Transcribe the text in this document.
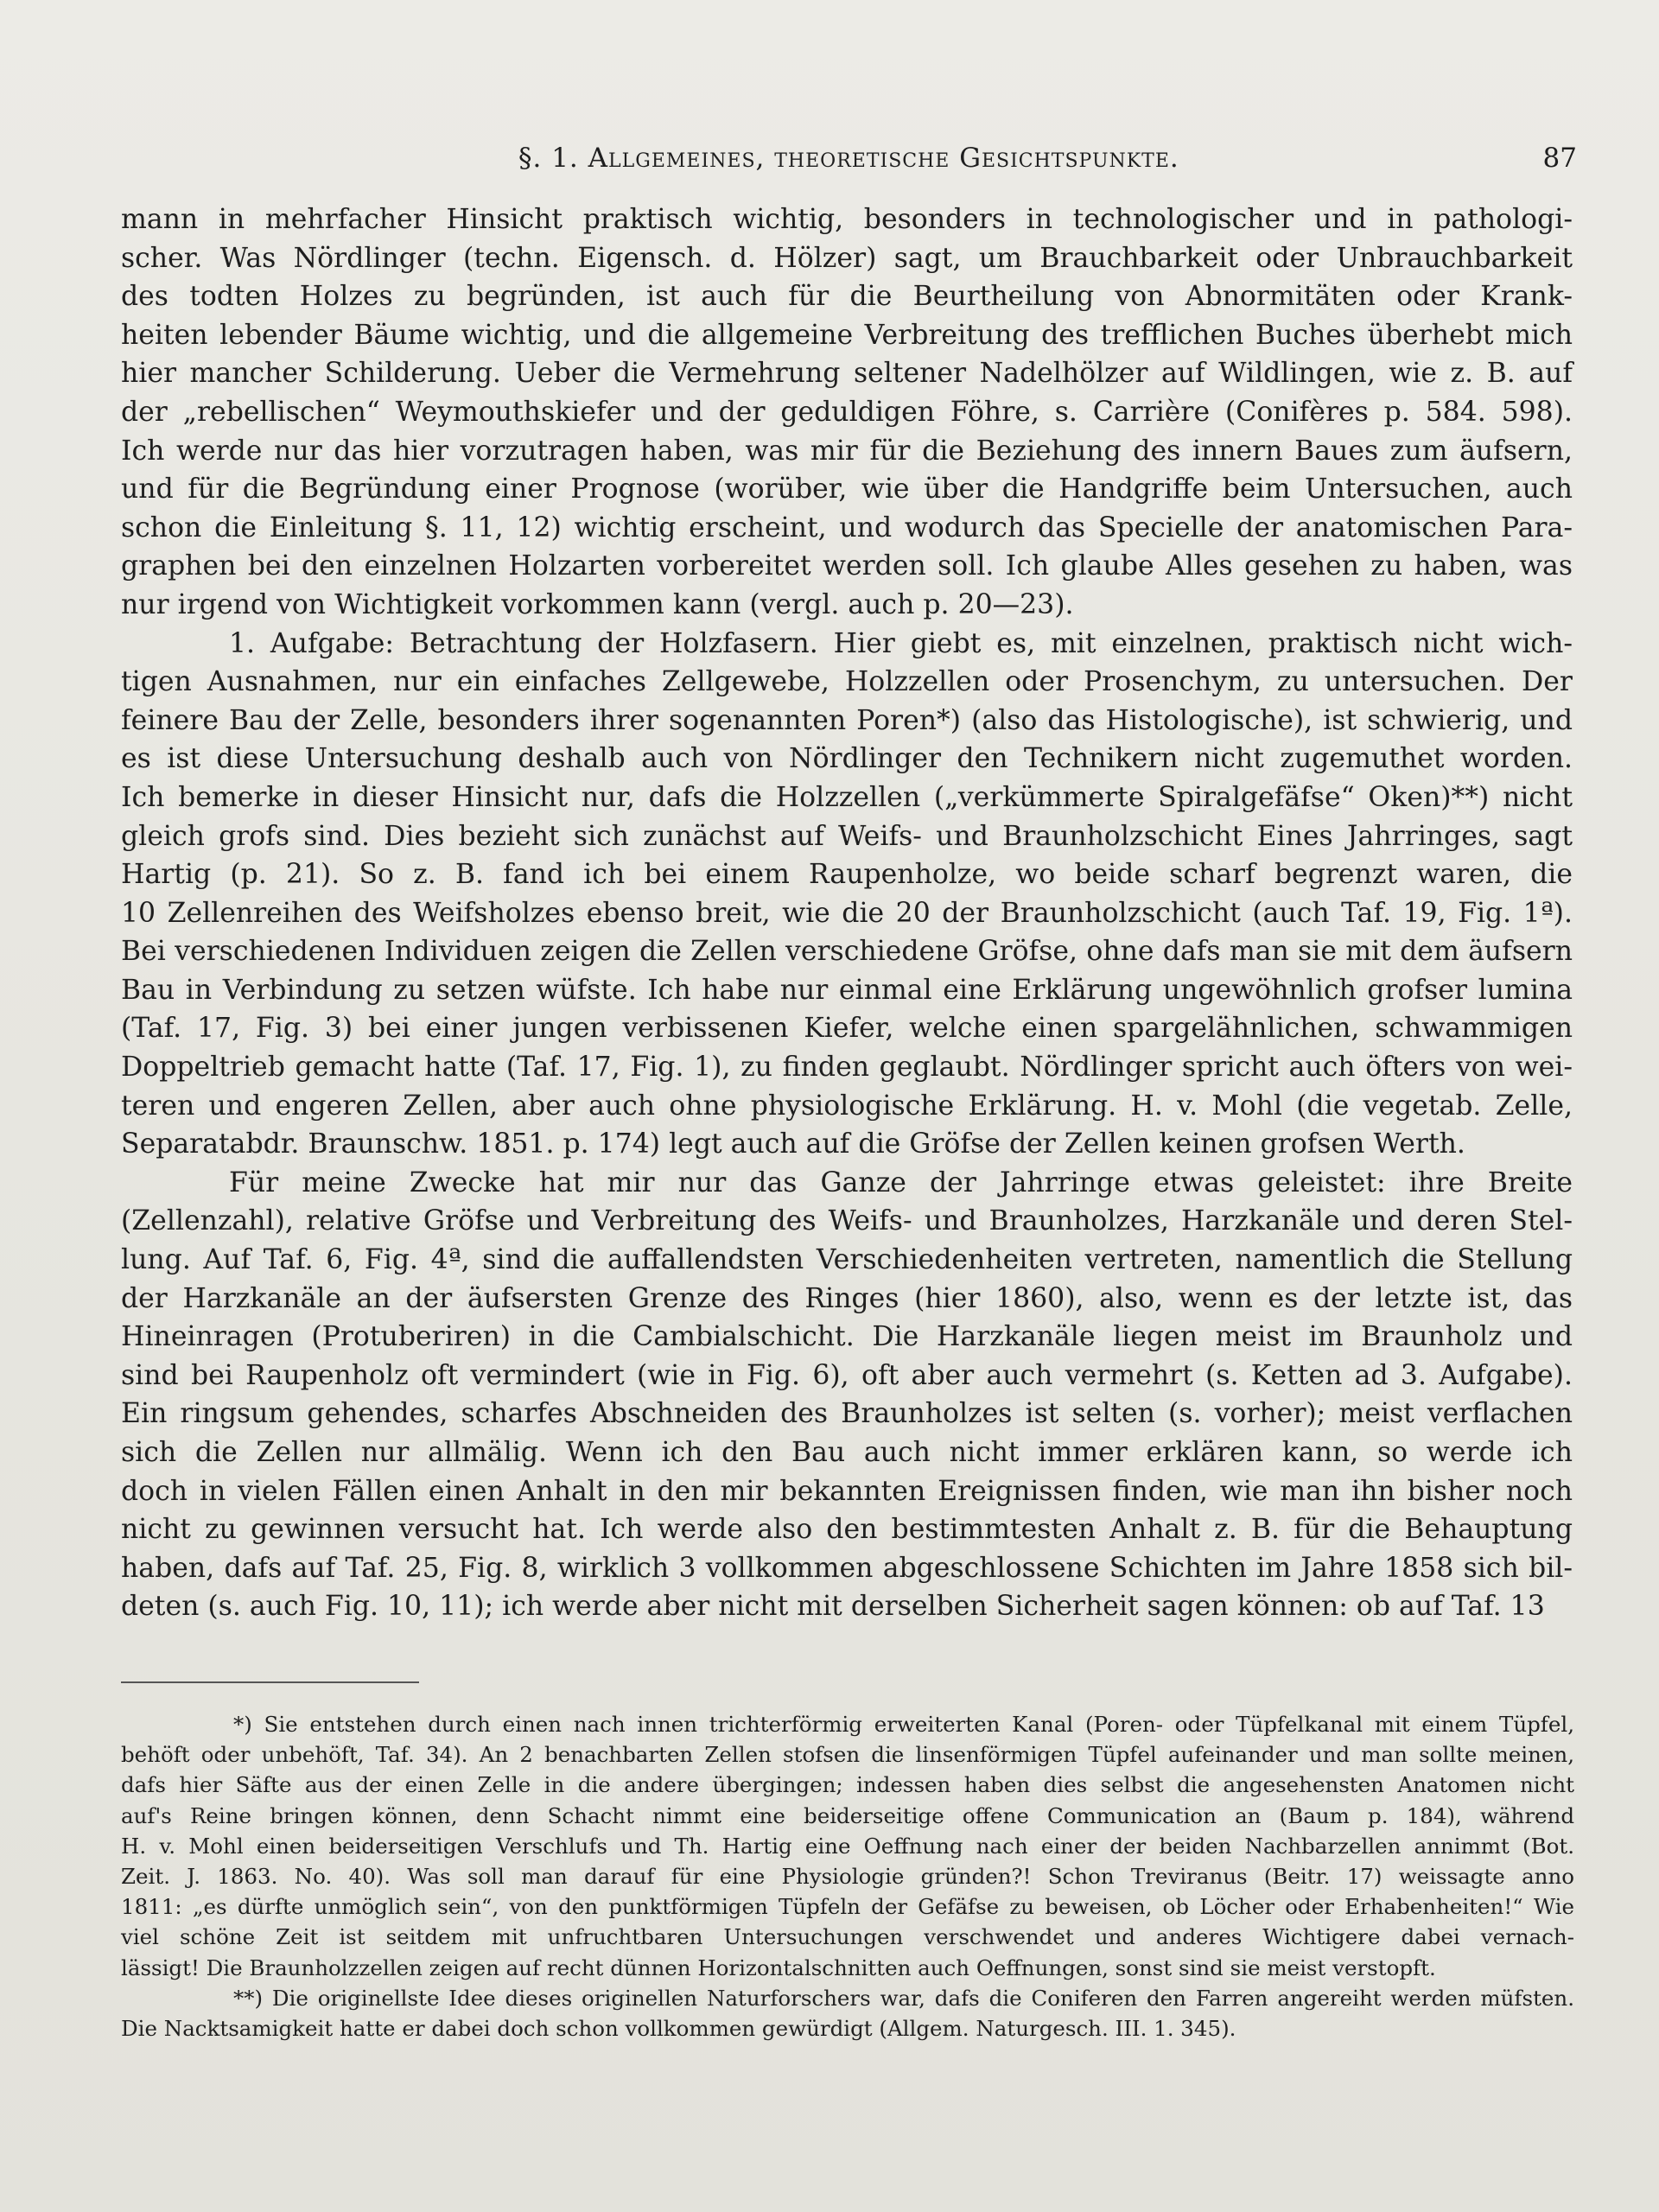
§. 1. Allgemeines, theoretische Gesichtspunkte.	87
mann in mehrfacher Hinsicht praktisch wichtig, besonders in technologischer und in pathologi-
scher. Was Nördlinger (techn. Eigensch. d. Hölzer) sagt, um Brauchbarkeit oder Unbrauchbarkeit
des todten Holzes zu begründen, ist auch für die Beurtheilung von Abnormitäten oder Krank-
heiten lebender Bäume wichtig, und die allgemeine Verbreitung des trefflichen Buches überhebt mich
hier mancher Schilderung. Ueber die Vermehrung seltener Nadelhölzer auf Wildlingen, wie z. B. auf
der „rebellischen“ Weymouthskiefer und der geduldigen Föhre, s. Carrière (Conifères p. 584. 598).
Ich werde nur das hier vorzutragen haben, was mir für die Beziehung des innern Baues zum äufsern,
und für die Begründung einer Prognose (worüber, wie über die Handgriffe beim Untersuchen, auch
schon die Einleitung §. 11, 12) wichtig erscheint, und wodurch das Specielle der anatomischen Para-
graphen bei den einzelnen Holzarten vorbereitet werden soll. Ich glaube Alles gesehen zu haben, was
nur irgend von Wichtigkeit vorkommen kann (vergl. auch p. 20—23).
1. Aufgabe: Betrachtung der Holzfasern. Hier giebt es, mit einzelnen, praktisch nicht wich-
tigen Ausnahmen, nur ein einfaches Zellgewebe, Holzzellen oder Prosenchym, zu untersuchen. Der
feinere Bau der Zelle, besonders ihrer sogenannten Poren*) (also das Histologische), ist schwierig, und
es ist diese Untersuchung deshalb auch von Nördlinger den Technikern nicht zugemuthet worden.
Ich bemerke in dieser Hinsicht nur, dafs die Holzzellen („verkümmerte Spiralgefäfse“ Oken)**) nicht
gleich grofs sind. Dies bezieht sich zunächst auf Weifs- und Braunholzschicht Eines Jahrringes, sagt
Hartig (p. 21). So z. B. fand ich bei einem Raupenholze, wo beide scharf begrenzt waren, die
10 Zellenreihen des Weifsholzes ebenso breit, wie die 20 der Braunholzschicht (auch Taf. 19, Fig. 1ª).
Bei verschiedenen Individuen zeigen die Zellen verschiedene Gröfse, ohne dafs man sie mit dem äufsern
Bau in Verbindung zu setzen wüfste. Ich habe nur einmal eine Erklärung ungewöhnlich grofser lumina
(Taf. 17, Fig. 3) bei einer jungen verbissenen Kiefer, welche einen spargelähnlichen, schwammigen
Doppeltrieb gemacht hatte (Taf. 17, Fig. 1), zu finden geglaubt. Nördlinger spricht auch öfters von wei-
teren und engeren Zellen, aber auch ohne physiologische Erklärung. H. v. Mohl (die vegetab. Zelle,
Separatabdr. Braunschw. 1851. p. 174) legt auch auf die Gröfse der Zellen keinen grofsen Werth.
Für meine Zwecke hat mir nur das Ganze der Jahrringe etwas geleistet: ihre Breite
(Zellenzahl), relative Gröfse und Verbreitung des Weifs- und Braunholzes, Harzkanäle und deren Stel-
lung. Auf Taf. 6, Fig. 4ª, sind die auffallendsten Verschiedenheiten vertreten, namentlich die Stellung
der Harzkanäle an der äufsersten Grenze des Ringes (hier 1860), also, wenn es der letzte ist, das
Hineinragen (Protuberiren) in die Cambialschicht. Die Harzkanäle liegen meist im Braunholz und
sind bei Raupenholz oft vermindert (wie in Fig. 6), oft aber auch vermehrt (s. Ketten ad 3. Aufgabe).
Ein ringsum gehendes, scharfes Abschneiden des Braunholzes ist selten (s. vorher); meist verflachen
sich die Zellen nur allmälig. Wenn ich den Bau auch nicht immer erklären kann, so werde ich
doch in vielen Fällen einen Anhalt in den mir bekannten Ereignissen finden, wie man ihn bisher noch
nicht zu gewinnen versucht hat. Ich werde also den bestimmtesten Anhalt z. B. für die Behauptung
haben, dafs auf Taf. 25, Fig. 8, wirklich 3 vollkommen abgeschlossene Schichten im Jahre 1858 sich bil-
deten (s. auch Fig. 10, 11); ich werde aber nicht mit derselben Sicherheit sagen können: ob auf Taf. 13
*) Sie entstehen durch einen nach innen trichterförmig erweiterten Kanal (Poren- oder Tüpfelkanal mit einem Tüpfel,
behöft oder unbehöft, Taf. 34). An 2 benachbarten Zellen stofsen die linsenförmigen Tüpfel aufeinander und man sollte meinen,
dafs hier Säfte aus der einen Zelle in die andere übergingen; indessen haben dies selbst die angesehensten Anatomen nicht
auf's Reine bringen können, denn Schacht nimmt eine beiderseitige offene Communication an (Baum p. 184), während
H. v. Mohl einen beiderseitigen Verschlufs und Th. Hartig eine Oeffnung nach einer der beiden Nachbarzellen annimmt (Bot.
Zeit. J. 1863. No. 40). Was soll man darauf für eine Physiologie gründen?! Schon Treviranus (Beitr. 17) weissagte anno
1811: „es dürfte unmöglich sein“, von den punktförmigen Tüpfeln der Gefäfse zu beweisen, ob Löcher oder Erhabenheiten!“ Wie
viel schöne Zeit ist seitdem mit unfruchtbaren Untersuchungen verschwendet und anderes Wichtigere dabei vernach-
lässigt! Die Braunholzzellen zeigen auf recht dünnen Horizontalschnitten auch Oeffnungen, sonst sind sie meist verstopft.
**) Die originellste Idee dieses originellen Naturforschers war, dafs die Coniferen den Farren angereiht werden müfsten.
Die Nacktsamigkeit hatte er dabei doch schon vollkommen gewürdigt (Allgem. Naturgesch. III. 1. 345).
